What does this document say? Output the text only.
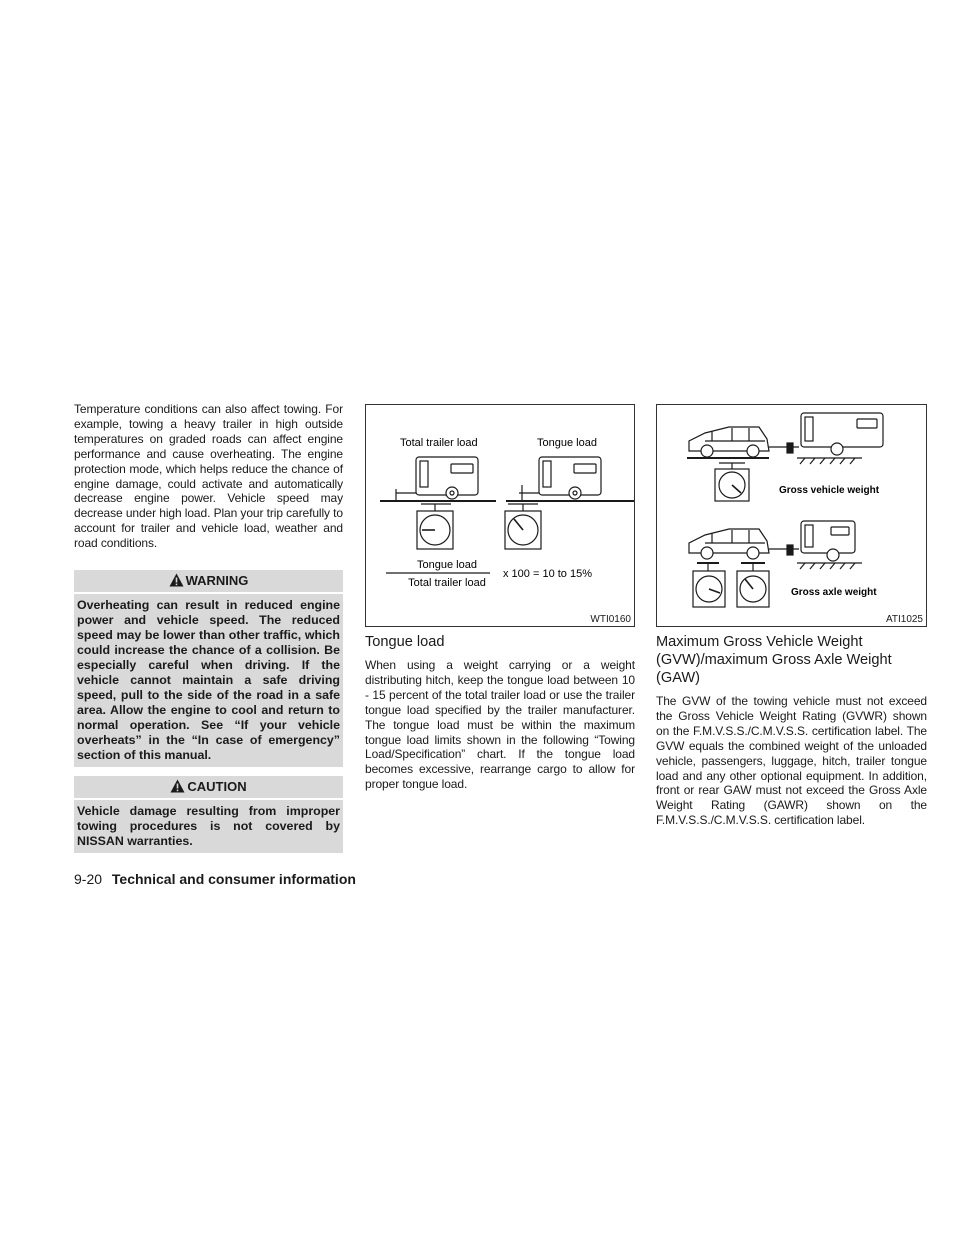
Temperature conditions can also affect towing. For example, towing a heavy trailer in high outside temperatures on graded roads can affect engine performance and cause overheating. The engine protection mode, which helps reduce the chance of engine damage, could activate and automatically decrease engine power. Vehicle speed may decrease under high load. Plan your trip carefully to account for trailer and vehicle load, weather and road conditions.

WARNING

Overheating can result in reduced engine power and vehicle speed. The reduced speed may be lower than other traffic, which could increase the chance of a collision. Be especially careful when driving. If the vehicle cannot maintain a safe driving speed, pull to the side of the road in a safe area. Allow the engine to cool and return to normal operation. See “If your vehicle overheats” in the “In case of emergency” section of this manual.

CAUTION

Vehicle damage resulting from improper towing procedures is not covered by NISSAN warranties.

Total trailer load	Tongue load
Tongue load
Total trailer load
x 100 = 10 to 15%
WTI0160
Tongue load

When using a weight carrying or a weight distributing hitch, keep the tongue load between 10 - 15 percent of the total trailer load or use the trailer tongue load specified by the trailer manufacturer. The tongue load must be within the maximum tongue load limits shown in the following “Towing Load/Specification” chart. If the tongue load becomes excessive, rearrange cargo to allow for proper tongue load.

Gross vehicle weight
Gross axle weight
ATI1025
Maximum Gross Vehicle Weight (GVW)/maximum Gross Axle Weight (GAW)

The GVW of the towing vehicle must not exceed the Gross Vehicle Weight Rating (GVWR) shown on the F.M.V.S.S./C.M.V.S.S. certification label. The GVW equals the combined weight of the unloaded vehicle, passengers, luggage, hitch, trailer tongue load and any other optional equipment. In addition, front or rear GAW must not exceed the Gross Axle Weight Rating (GAWR) shown on the F.M.V.S.S./C.M.V.S.S. certification label.

9-20 Technical and consumer information
